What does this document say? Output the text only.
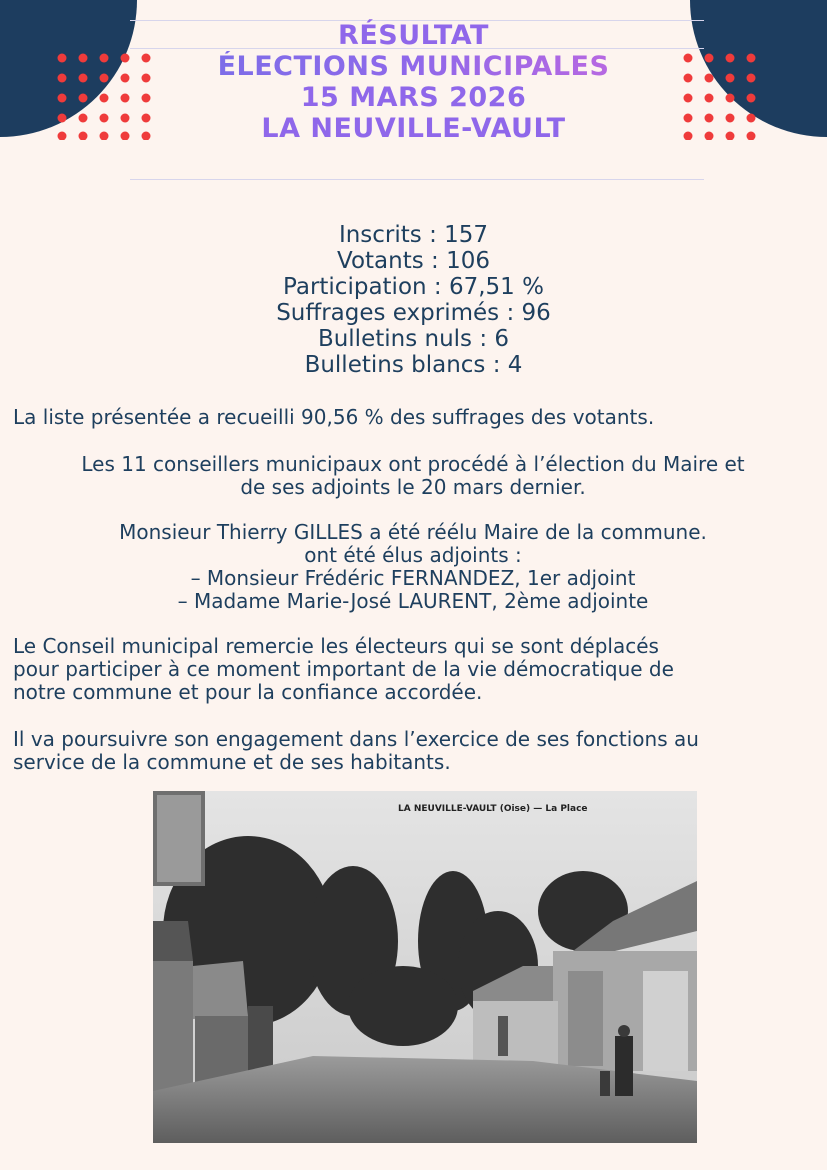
RÉSULTAT
ÉLECTIONS MUNICIPALES
15 MARS 2026
LA NEUVILLE-VAULT
Inscrits : 157
Votants : 106
Participation : 67,51 %
Suffrages exprimés : 96
Bulletins nuls : 6
Bulletins blancs : 4
La liste présentée a recueilli 90,56 % des suffrages des votants.
Les 11 conseillers municipaux ont procédé à l’élection du Maire et
de ses adjoints le 20 mars dernier.
Monsieur Thierry GILLES a été réélu Maire de la commune.
ont été élus adjoints :
– Monsieur Frédéric FERNANDEZ, 1er adjoint
– Madame Marie-José LAURENT, 2ème adjointe
Le Conseil municipal remercie les électeurs qui se sont déplacés
pour participer à ce moment important de la vie démocratique de
notre commune et pour la confiance accordée.
Il va poursuivre son engagement dans l’exercice de ses fonctions au
service de la commune et de ses habitants.
LA NEUVILLE-VAULT (Oise) — La Place
